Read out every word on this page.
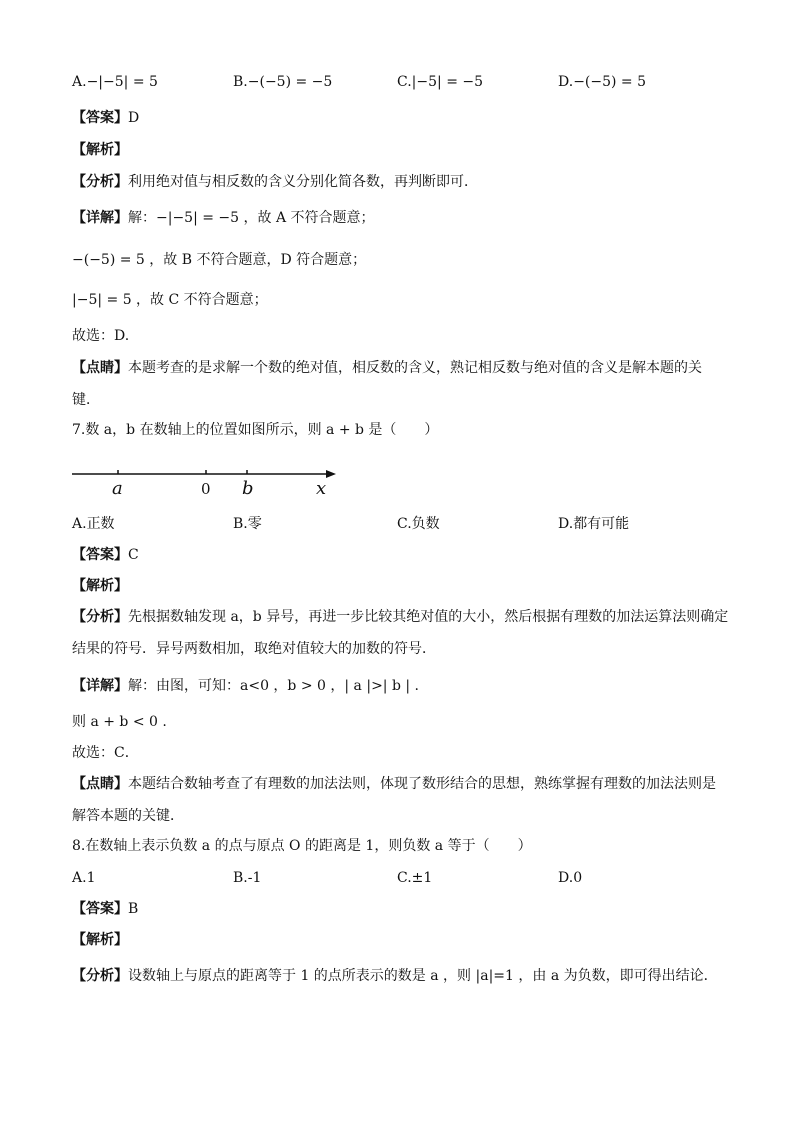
A.−|−5| = 5	B.−(−5) = −5	C.|−5| = −5	D.−(−5) = 5
【答案】D
【解析】
【分析】利用绝对值与相反数的含义分别化简各数，再判断即可．
【详解】解：−|−5| = −5 ，故 A 不符合题意；
−(−5) = 5 ，故 B 不符合题意，D 符合题意；
|−5| = 5 ，故 C 不符合题意；
故选：D.
【点睛】本题考查的是求解一个数的绝对值，相反数的含义，熟记相反数与绝对值的含义是解本题的关
键．
7.数 a，b 在数轴上的位置如图所示，则 a + b 是（　　）
a	0 b	x
A.正数	B.零	C.负数	D.都有可能
【答案】C
【解析】
【分析】先根据数轴发现 a，b 异号，再进一步比较其绝对值的大小，然后根据有理数的加法运算法则确定
结果的符号．异号两数相加，取绝对值较大的加数的符号．
【详解】解：由图，可知：a<0 ，b > 0 ，| a |>| b | .
则 a + b < 0 .
故选：C．
【点睛】本题结合数轴考查了有理数的加法法则，体现了数形结合的思想，熟练掌握有理数的加法法则是
解答本题的关键．
8.在数轴上表示负数 a 的点与原点 O 的距离是 1，则负数 a 等于（　　）
A.1	B.-1	C.±1	D.0
【答案】B
【解析】
【分析】设数轴上与原点的距离等于 1 的点所表示的数是 a ，则 |a|=1 ，由 a 为负数，即可得出结论．
